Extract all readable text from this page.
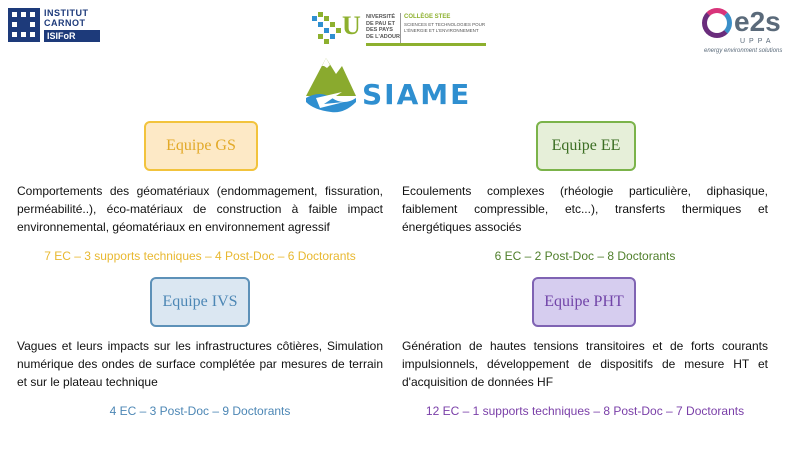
INSTITUT
CARNOT
ISIFoR	U NIVERSITÉ DE PAU ET DES PAYS DE L'ADOUR
COLLÈGE STEE
SCIENCES ET TECHNOLOGIES POUR L'ÉNERGIE ET L'ENVIRONNEMENT	e2s
UPPA
energy environment solutions
SIAME
Equipe GS

Comportements des géomatériaux (endommagement, fissuration, perméabilité..), éco-matériaux de construction à faible impact environnemental, géomatériaux en environnement agressif

7 EC – 3 supports techniques – 4 Post-Doc – 6 Doctorants
Equipe EE

Ecoulements complexes (rhéologie particulière, diphasique, faiblement compressible, etc...), transferts thermiques et énergétiques associés

6 EC – 2 Post-Doc – 8 Doctorants
Equipe IVS

Vagues et leurs impacts sur les infrastructures côtières, Simulation numérique des ondes de surface complétée par mesures de terrain et sur le plateau technique

4 EC – 3 Post-Doc – 9 Doctorants
Equipe PHT

Génération de hautes tensions transitoires et de forts courants impulsionnels, développement de dispositifs de mesure HT et d'acquisition de données HF

12 EC – 1 supports techniques – 8 Post-Doc – 7 Doctorants
